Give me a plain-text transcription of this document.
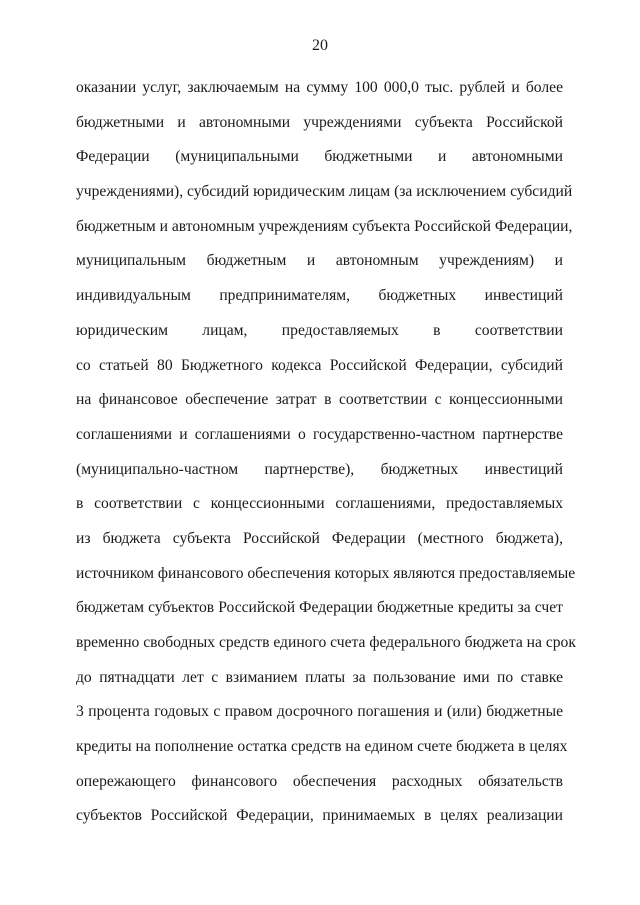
20
оказании услуг, заключаемым на сумму 100 000,0 тыс. рублей и более
бюджетными и автономными учреждениями субъекта Российской
Федерации (муниципальными бюджетными и автономными
учреждениями), субсидий юридическим лицам (за исключением субсидий
бюджетным и автономным учреждениям субъекта Российской Федерации,
муниципальным бюджетным и автономным учреждениям) и
индивидуальным предпринимателям, бюджетных инвестиций
юридическим лицам, предоставляемых в соответствии
со статьей 80 Бюджетного кодекса Российской Федерации, субсидий
на финансовое обеспечение затрат в соответствии с концессионными
соглашениями и соглашениями о государственно-частном партнерстве
(муниципально-частном партнерстве), бюджетных инвестиций
в соответствии с концессионными соглашениями, предоставляемых
из бюджета субъекта Российской Федерации (местного бюджета),
источником финансового обеспечения которых являются предоставляемые
бюджетам субъектов Российской Федерации бюджетные кредиты за счет
временно свободных средств единого счета федерального бюджета на срок
до пятнадцати лет с взиманием платы за пользование ими по ставке
3 процента годовых с правом досрочного погашения и (или) бюджетные
кредиты на пополнение остатка средств на едином счете бюджета в целях
опережающего финансового обеспечения расходных обязательств
субъектов Российской Федерации, принимаемых в целях реализации
